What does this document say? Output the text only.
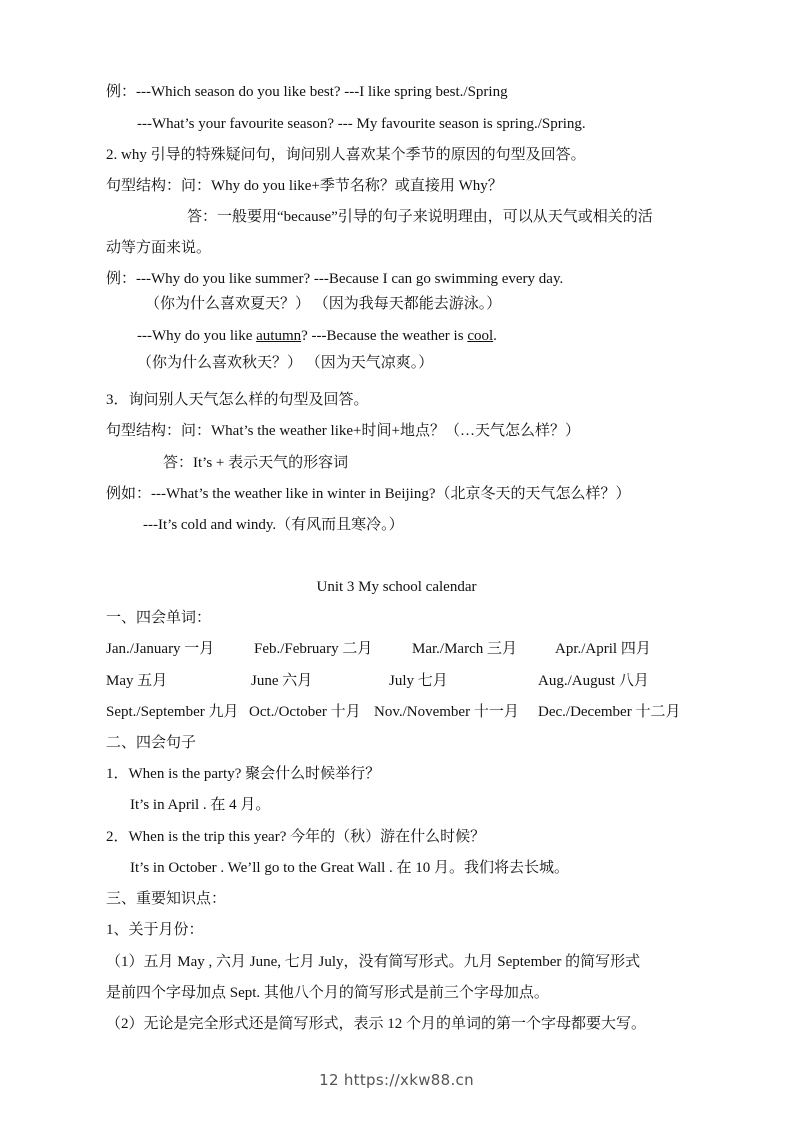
例：---Which season do you like best? ---I like spring best./Spring
---What’s your favourite season? --- My favourite season is spring./Spring.
2. why 引导的特殊疑问句，询问别人喜欢某个季节的原因的句型及回答。
句型结构：问：Why do you like+季节名称？或直接用 Why？
答：一般要用“because”引导的句子来说明理由，可以从天气或相关的活
动等方面来说。
例：---Why do you like summer? ---Because I can go swimming every day.
（你为什么喜欢夏天？） （因为我每天都能去游泳。）
---Why do you like autumn? ---Because the weather is cool.
（你为什么喜欢秋天？） （因为天气凉爽。）
3．询问别人天气怎么样的句型及回答。
句型结构：问：What’s the weather like+时间+地点？（…天气怎么样？）
答：It’s + 表示天气的形容词
例如：---What’s the weather like in winter in Beijing?（北京冬天的天气怎么样？）
---It’s cold and windy.（有风而且寒冷。）
Unit 3 My school calendar
一、四会单词：
Jan./January 一月	Feb./February 二月	Mar./March 三月	Apr./April 四月
May 五月	June 六月	July 七月	Aug./August 八月
Sept./September 九月 Oct./October 十月 Nov./November 十一月 Dec./December 十二月
二、四会句子
1．When is the party? 聚会什么时候举行？
It’s in April . 在 4 月。
2．When is the trip this year? 今年的（秋）游在什么时候？
It’s in October . We’ll go to the Great Wall . 在 10 月。我们将去长城。
三、重要知识点：
1、关于月份：
（1）五月 May , 六月 June, 七月 July，没有简写形式。九月 September 的简写形式
是前四个字母加点 Sept. 其他八个月的简写形式是前三个字母加点。
（2）无论是完全形式还是简写形式，表示 12 个月的单词的第一个字母都要大写。
12 https://xkw88.cn
